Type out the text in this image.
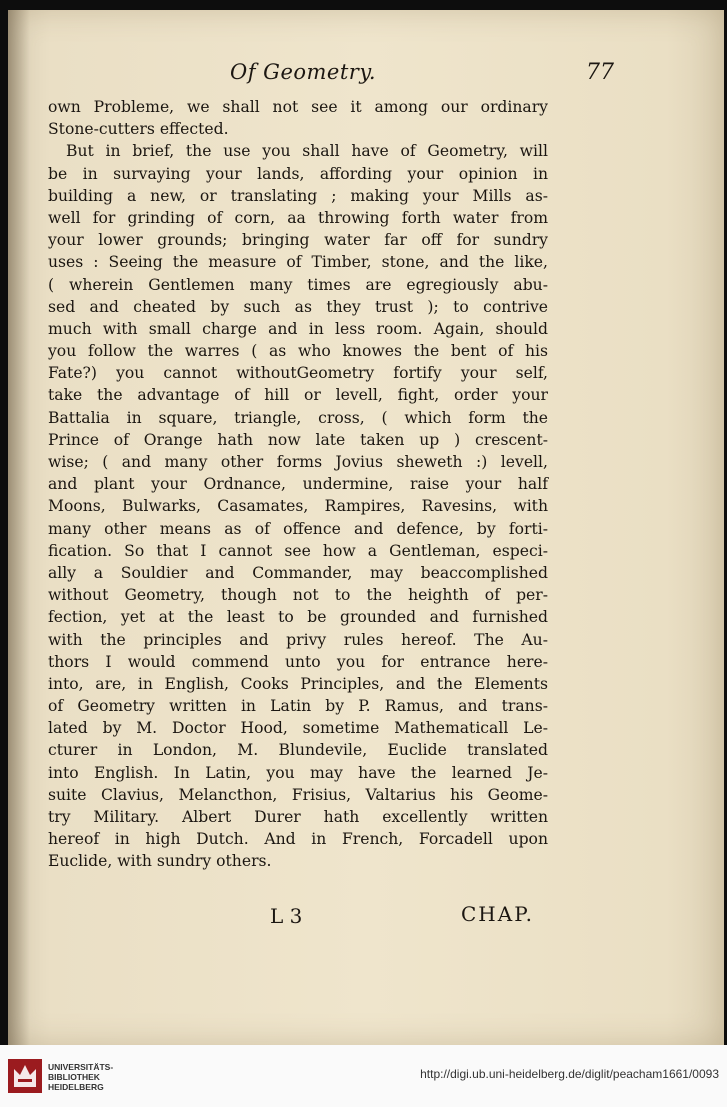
Of Geometry.	77
own Probleme, we shall not see it among our ordinary
Stone-cutters effected.
But in brief, the use you shall have of Geometry, will
be in survaying your lands, affording your opinion in
building a new, or translating ; making your Mills as-
well for grinding of corn, aa throwing forth water from
your lower grounds; bringing water far off for sundry
uses : Seeing the measure of Timber, stone, and the like,
( wherein Gentlemen many times are egregiously abu-
sed and cheated by such as they trust ); to contrive
much with small charge and in less room. Again, should
you follow the warres ( as who knowes the bent of his
Fate?) you cannot withoutGeometry fortify your self,
take the advantage of hill or levell, fight, order your
Battalia in square, triangle, cross, ( which form the
Prince of Orange hath now late taken up ) crescent-
wise; ( and many other forms Jovius sheweth :) levell,
and plant your Ordnance, undermine, raise your half
Moons, Bulwarks, Casamates, Rampires, Ravesins, with
many other means as of offence and defence, by forti-
fication. So that I cannot see how a Gentleman, especi-
ally a Souldier and Commander, may beaccomplished
without Geometry, though not to the heighth of per-
fection, yet at the least to be grounded and furnished
with the principles and privy rules hereof. The Au-
thors I would commend unto you for entrance here-
into, are, in English, Cooks Principles, and the Elements
of Geometry written in Latin by P. Ramus, and trans-
lated by M. Doctor Hood, sometime Mathematicall Le-
cturer in London, M. Blundevile, Euclide translated
into English. In Latin, you may have the learned Je-
suite Clavius, Melancthon, Frisius, Valtarius his Geome-
try Military. Albert Durer hath excellently written
hereof in high Dutch. And in French, Forcadell upon
Euclide, with sundry others.
L 3	CHAP.
UNIVERSITÄTS-
BIBLIOTHEK
HEIDELBERG
http://digi.ub.uni-heidelberg.de/diglit/peacham1661/0093
